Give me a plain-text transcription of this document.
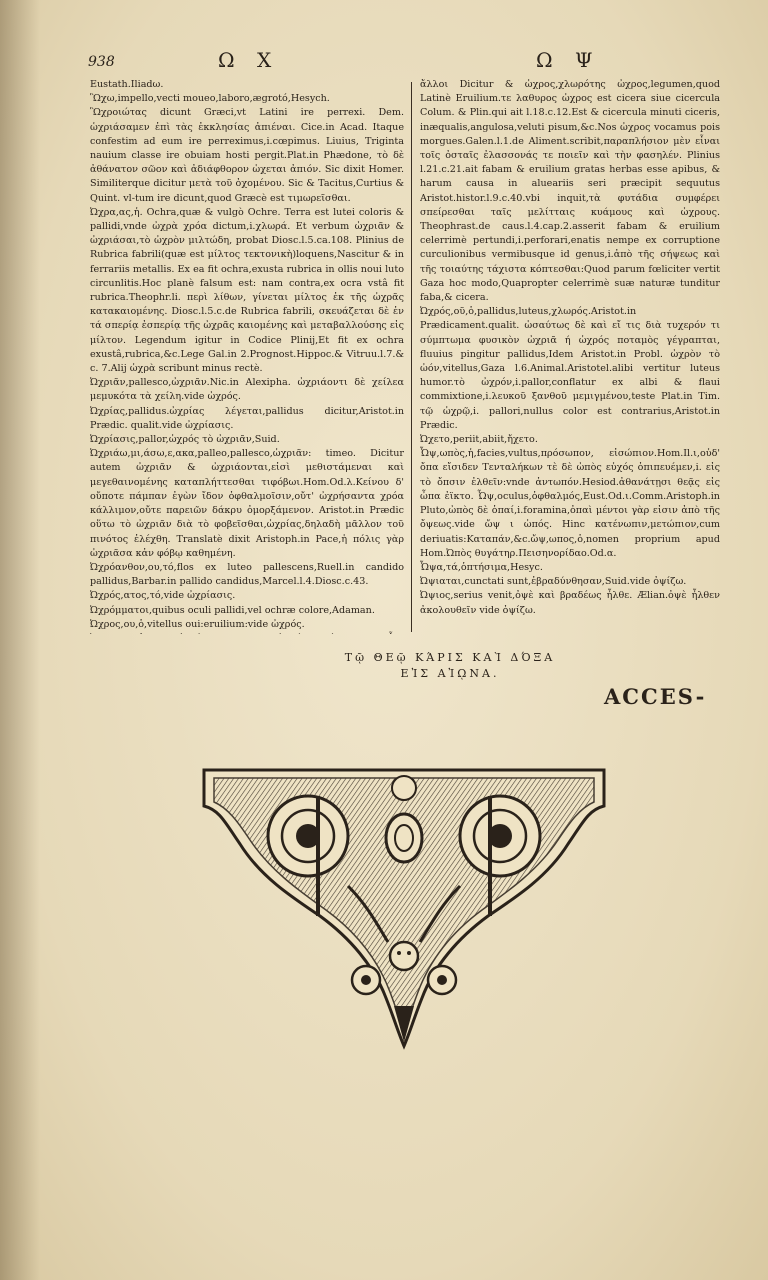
938	Ω Χ	Ω Ψ

Eustath.Iliadω.

Ὣχω,impello,vecti moueo,laboro,ægrotó,Hesych.

Ὣχροιώτας dicunt Græci,vt Latini ire perrexi. Dem. ὡχριάσαμεν ἐπὶ τὰς ἐκκλησίας ἀπιέναι. Cice.in Acad. Itaque confestim ad eum ire perreximus,i.cœpimus. Liuius, Triginta nauium classe ire obuiam hosti pergit.Plat.in Phædone, τὸ δὲ ἀθάνατον σῶον καὶ ἀδιάφθορον ὡχεται ἀπιόν. Sic dixit Homer. Similiterque dicitur μετὰ τοῦ ὀχομένου. Sic & Tacitus,Curtius & Quint. vl-tum ire dicunt,quod Græcè est τιμωρεῖσθαι.

Ὠχρα,ας,ἡ. Ochra,quæ & vulgò Ochre. Terra est lutei coloris & pallidi,vnde ὠχρὰ χρόα dictum,i.χλωρά. Et verbum ὠχριᾶν & ὠχριάσαι,τὸ ὠχρὸν μιλτώδη, probat Diosc.l.5.ca.108. Plinius de Rubrica fabrili(quæ est μίλτος τεκτονικὴ)loquens,Nascitur & in ferrariis metallis. Ex ea fit ochra,exusta rubrica in ollis noui luto circunlitis.Hoc planè falsum est: nam contra,ex ocra vstâ fit rubrica.Theophr.li. περὶ λίθων, γίνεται μίλτος ἐκ τῆς ὠχρᾶς κατακαιομένης. Diosc.l.5.c.de Rubrica fabrili, σκευάζεται δὲ ἐν τά σπερίᾳ ἐσπερίᾳ τῆς ὠχρᾶς καιομένης καὶ μεταβαλλούσης εἰς μίλτον. Legendum igitur in Codice Plinij,Et fit ex ochra exustâ,rubrica,&c.Lege Gal.in 2.Prognost.Hippoc.& Vitruu.l.7.& c. 7.Alij ὠχρὰ scribunt minus rectè.

Ὠχριᾶν,pallesco,ὠχριᾶν.Nic.in Alexipha. ὠχριάοντι δὲ χείλεα μεμυκότα τὰ χείλη.vide ὠχρός.

Ὠχρίας,pallidus.ὠχρίας λέγεται,pallidus dicitur,Aristot.in Prædic. qualit.vide ὠχρίασις.

Ὠχρίασις,pallor,ὠχρός τὸ ὠχριᾶν,Suid.

Ὠχριάω,μι,άσω,ε,ακα,palleo,pallesco,ὠχριᾶν: timeo. Dicitur autem ὠχριᾶν & ὠχριάονται,εἰσὶ μεθιστάμεναι καὶ μεγεθαινομένης καταπλήττεσθαι τιφόβωι.Hom.Od.λ.Κείνου δ' οὔποτε πάμπαν ἐγὼν ἴδον ὀφθαλμοῖσιν,οὔτ' ὠχρήσαντα χρόα κάλλιμον,οὔτε παρειῶν δάκρυ ὀμορξάμενον. Aristot.in Prædic οὕτω τὸ ὠχριᾶν διὰ τὸ φοβεῖσθαι,ὠχρίας,δηλαδὴ μᾶλλον τοῦ πινότος ἐλέχθη. Translatè dixit Aristoph.in Pace,ἡ πόλις γὰρ ὠχριᾶσα κἀν φόβῳ καθημένη.

Ὠχρόανθον,ου,τό,flos ex luteo pallescens,Ruell.in candido pallidus,Barbar.in pallido candidus,Marcel.l.4.Diosc.c.43.

Ὠχρός,ατος,τό,vide ὠχρίασις.

Ὠχρόμματοι,quibus oculi pallidi,vel ochræ colore,Adaman.

Ὠχρος,ου,ὁ,vitellus oui:eruilium:vide ὠχρός.

ἄλλοι Dicitur & ὠχρος,χλωρότης ὠχρος,legumen,quod Latinè Eruilium.τε λαθυρος ὠχρος est cicera siue cicercula Colum. & Plin.qui ait l.18.c.12.Est & cicercula minuti ciceris, inæqualis,angulosa,veluti pisum,&c.Nos ὠχρος vocamus pois morgues.Galen.l.1.de Aliment.scribit,παραπλήσιον μὲν εἶναι τοῖς ὀσταῖς ἐλασσονάς τε ποιεῖν καὶ τὴν φασηλέν. Plinius l.21.c.21.ait fabam & eruilium gratas herbas esse apibus, & harum causa in alueariis seri præcipit sequutus Aristot.histor.l.9.c.40.vbi inquit,τὰ φυτάδια συμφέρει σπείρεσθαι ταῖς μελίτταις κυάμους καὶ ὠχρους. Theophrast.de caus.l.4.cap.2.asserit fabam & eruilium celerrimè pertundi,i.perforari,enatis nempe ex corruptione curculionibus vermibusque id genus,i.ἀπὸ τῆς σήψεως καὶ τῆς τοιαύτης τάχιστα κόπτεσθαι:Quod parum fœliciter vertit Gaza hoc modo,Quapropter celerrimè suæ naturæ tunditur faba,& cicera.

Ὠχρός,οῦ,ὁ,pallidus,luteus,χλωρός.Aristot.in Prædicament.qualit. ὡσαύτως δὲ καὶ εἴ τις διὰ τυχερόν τι σύμπτωμα φυσικὸν ὠχριᾶ ή ὠχρός ποταμὸς γέγραπται, fluuius pingitur pallidus,Idem Aristot.in Probl. ὠχρὸν τὸ ὠόν,vitellus,Gaza l.6.Animal.Aristotel.alibi vertitur luteus humor.τὸ ὠχρόν,i.pallor,conflatur ex albi & flaui commixtione,i.λευκοῦ ξανθοῦ μεμιγμένου,teste Plat.in Tim. τῷ ὠχρῷ,i. pallori,nullus color est contrarius,Aristot.in Prædic.

Ὠχετο,periit,abiit,ἤχετο.

Ὦψ,ωπὸς,ἡ,facies,vultus,πρόσωπον, εἰσώπιον.Hom.Il.ι,οὐδ' ὄπα εἴσιδεν Τενταλήκων τὲ δὲ ὠπὸς εὐχός ὀπιπευέμεν,i. εἰς τὸ ὄπσιν ἐλθεῖν:vnde ἀντωπόν.Hesiod.ἀθανάτῃσι θεᾷς εἰς ὦπα ἐϊκτο. Ὦψ,oculus,ὀφθαλμός,Eust.Od.ι.Comm.Aristoph.in Pluto,ὠπὸς δὲ ὁπαί,i.foramina,ὀπαὶ μέντοι γὰρ εἰσιν ἀπὸ τῆς ὄψεως.vide ὤψ ι ὠπός. Hinc κατένωπιν,μετώπιον,cum deriuatis:Καταπάν,&c.ὤψ,ωπος,ὁ,nomen proprium apud Hom.Ὠπὸς θυγάτηρ.Πεισηνορίδαο.Od.α.

Ὦψα,τά,ὁπτήσιμα,Hesyc.

Ὠψιαται,cunctati sunt,ἐβραδύνθησαν,Suid.vide ὀψίζω.

Ὠψιος,serius venit,ὀψὲ καὶ βραδέως ἦλθε. Ælian.ὀψὲ ἦλθεν ἀκολουθεῖν vide ὀψίζω.

Τῷ ΘΕῷ ΚΆΡΙΣ ΚΑῚ ΔΌΞΑ
ΕἸΣ ΑἸῼΝΑ.
ACCES-
